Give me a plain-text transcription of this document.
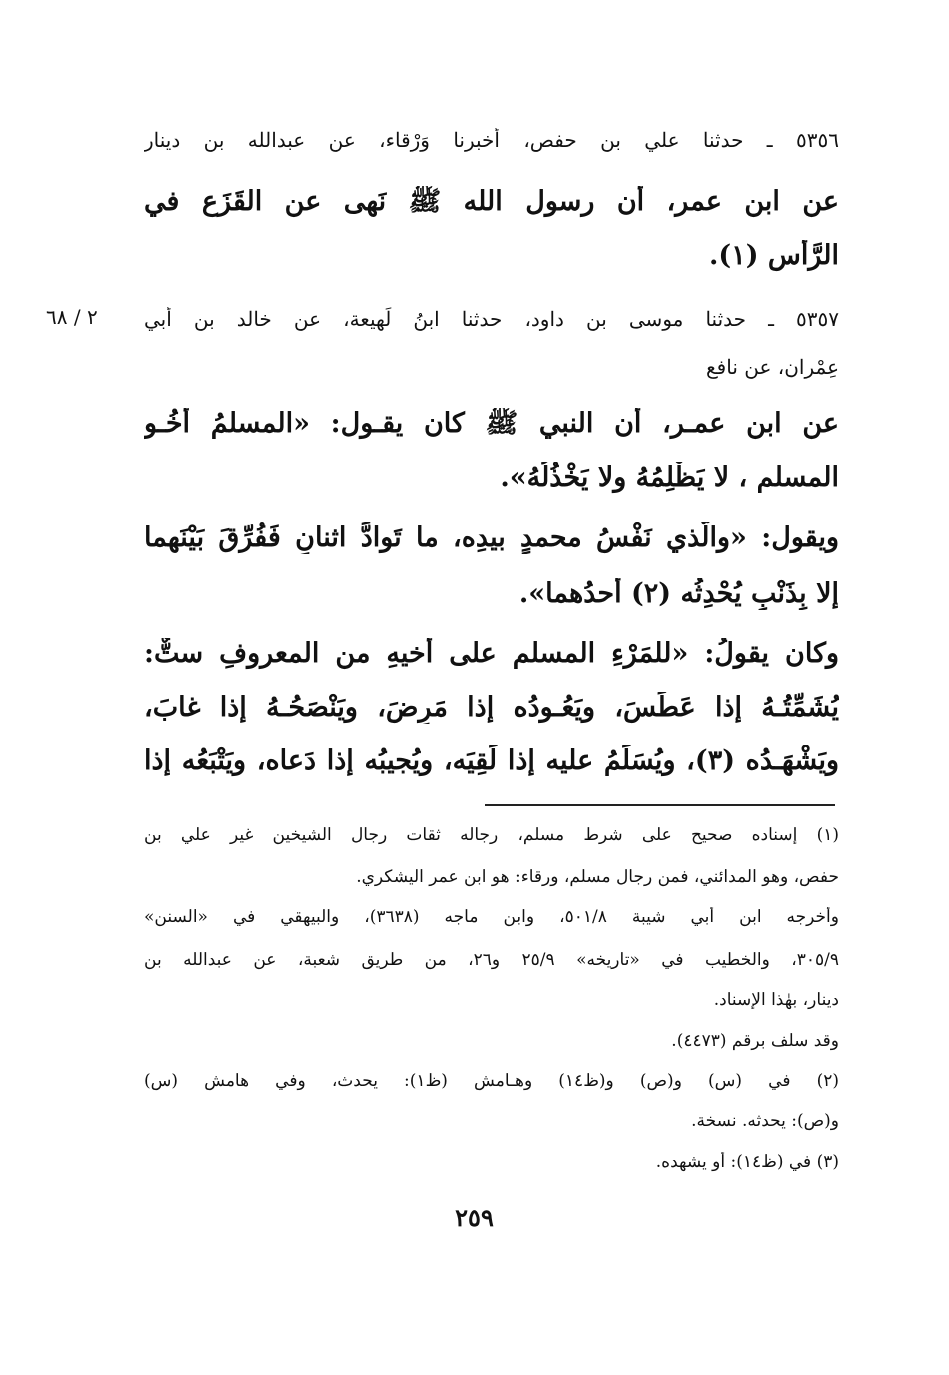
٥٣٥٦ ـ حدثنا علي بن حفص، أخبرنا وَرْقاء، عن عبدالله بن دينار
عن ابن عمر، أن رسول الله ﷺ نَهى عن القَزَعِ في
الرَّأسِ (١).
٥٣٥٧ ـ حدثنا موسى بن داود، حدثنا ابنُ لَهيعة، عن خالد بن أبي
٢ / ٦٨
عِمْران، عن نافع
عن ابن عمـر، أن النبي ﷺ كان يقـول: «المسلمُ أَخُـو
المسلمِ ، لا يَظْلِمُهُ ولا يَخْذُلُهُ».
ويقول: «والَّذي نَفْسُ محمدٍ بيدِه، ما تَوادَّ اثنانِ فَفُرِّقَ بَيْنَهما
إلا بِذَنْبٍ يُحْدِثُه (٢) أحدُهما».
وكان يقولُ: «للمَرْءِ المسلمِ على أخيهِ من المعروفِ ستٌّ:
يُشَمِّتُـهُ إذا عَطَسَ، ويَعُـودُه إذا مَرِضَ، ويَنْصَحُـهُ إذا غابَ،
ويَشْهَـدُه (٣)، ويُسَلِّمُ عليه إذا لَقِيَه، ويُجيبُه إذا دَعاه، ويَتْبَعُه إذا
(١) إسناده صحيح على شرط مسلم، رجاله ثقات رجال الشيخين غير علي بن
حفص، وهو المدائني، فمن رجال مسلم، ورقاء: هو ابن عمر اليشكري.
وأخرجه ابن أبي شيبة ٥٠١/٨، وابن ماجه (٣٦٣٨)، والبيهقي في «السنن»
٣٠٥/٩، والخطيب في «تاريخه» ٢٥/٩ و٢٦، من طريق شعبة، عن عبدالله بن
دينار، بهٰذا الإسناد.
وقد سلف برقم (٤٤٧٣).
(٢) في (س) و(ص) و(ظ١٤) وهـامش (ظ١): يحدث، وفي هامش (س)
و(ص): يحدثه. نسخة.
(٣) في (ظ١٤): أو يشهده.
٢٥٩
